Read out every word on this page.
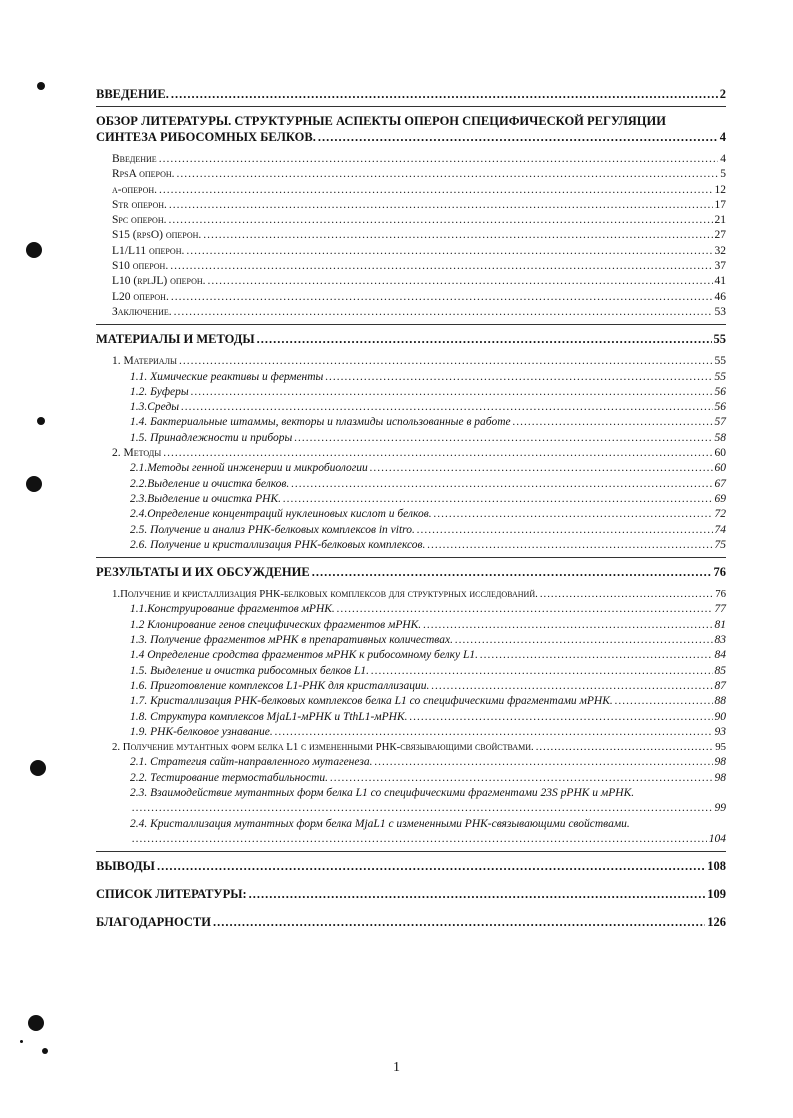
ВВЕДЕНИЕ. .....	2
ОБЗОР ЛИТЕРАТУРЫ. СТРУКТУРНЫЕ АСПЕКТЫ ОПЕРОН СПЕЦИФИЧЕСКОЙ РЕГУЛЯЦИИ
СИНТЕЗА РИБОСОМНЫХ БЕЛКОВ. .....	4
Введение .....	4
RpsA оперон. .....	5
α-оперон. .....	12
Str оперон. .....	17
Spc оперон. .....	21
S15 (rpsO) оперон. .....	27
L1/L11 оперон. .....	32
S10 оперон. .....	37
L10 (rplJL) оперон. .....	41
L20 оперон. .....	46
Заключение. .....	53
МАТЕРИАЛЫ И МЕТОДЫ .....	55
1. Материалы .....	55
1.1. Химические реактивы и ферменты .....	55
1.2. Буферы .....	56
1.3.Среды .....	56
1.4. Бактериальные штаммы, векторы и плазмиды использованные в работе .....	57
1.5. Принадлежности и приборы .....	58
2. Методы .....	60
2.1.Методы генной инженерии и микробиологии .....	60
2.2.Выделение и очистка белков. .....	67
2.3.Выделение и очистка РНК. .....	69
2.4.Определение концентраций нуклеиновых кислот и белков. .....	72
2.5. Получение и анализ РНК-белковых комплексов in vitro. .....	74
2.6. Получение и кристаллизация РНК-белковых комплексов. .....	75
РЕЗУЛЬТАТЫ И ИХ ОБСУЖДЕНИЕ .....	76
1.Получение и кристаллизация РНК-белковых комплексов для структурных исследований. .....	76
1.1.Конструирование фрагментов мРНК. .....	77
1.2 Клонирование генов специфических фрагментов мРНК. .....	81
1.3. Получение фрагментов мРНК в препаративных количествах. .....	83
1.4 Определение сродства фрагментов мРНК к рибосомному белку L1. .....	84
1.5. Выделение и очистка рибосомных белков L1. .....	85
1.6. Приготовление комплексов L1-РНК для кристаллизации. .....	87
1.7. Кристаллизация РНК-белковых комплексов белка L1 со специфическими фрагментами мРНК. .....	88
1.8. Структура комплексов MjaL1-мРНК и TthL1-мРНК. .....	90
1.9. РНК-белковое узнавание. .....	93
2. Получение мутантных форм белка L1 с измененными РНК-связывающими свойствами. .....	95
2.1. Стратегия сайт-направленного мутагенеза. .....	98
2.2. Тестирование термостабильности. .....	98
2.3. Взаимодействие мутантных форм белка L1 со специфическими фрагментами 23S рРНК и мРНК.
.....
99
2.4. Кристаллизация мутантных форм белка MjaL1 с измененными РНК-связывающими свойствами.
.....
104
ВЫВОДЫ .....	108
СПИСОК ЛИТЕРАТУРЫ: .....	109
БЛАГОДАРНОСТИ .....	126
1
